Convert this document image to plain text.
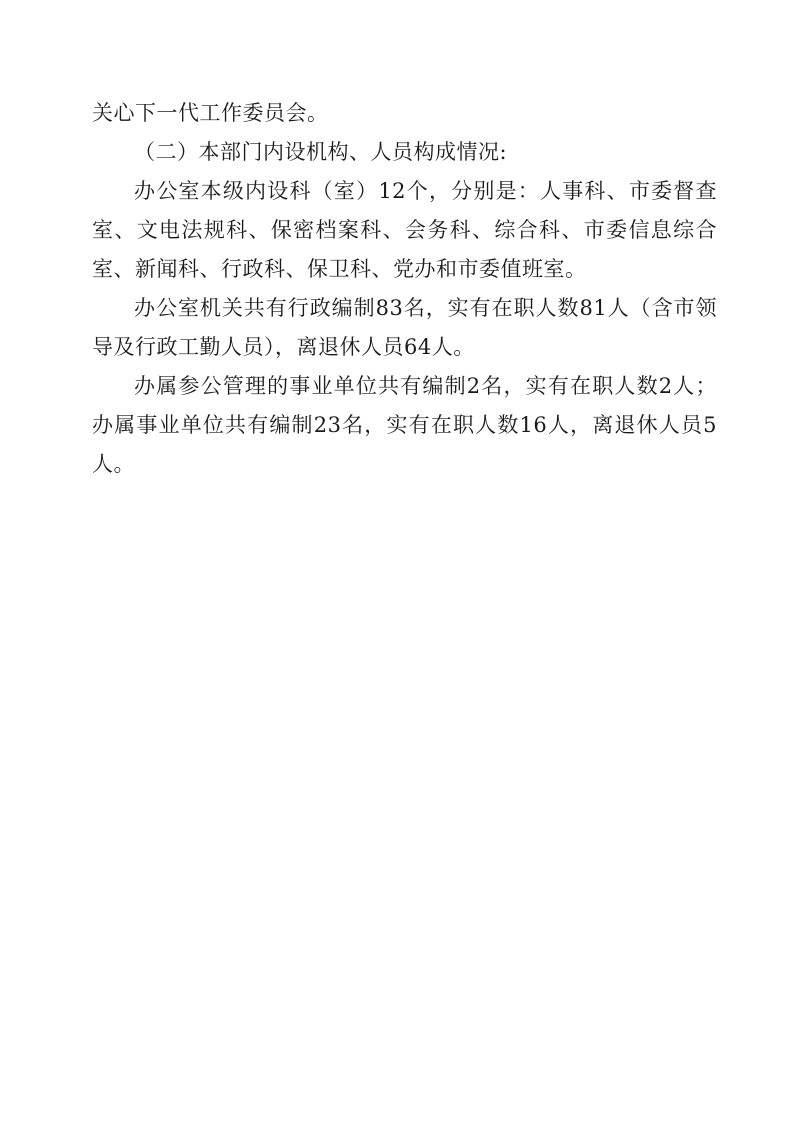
关心下一代工作委员会。

（二）本部门内设机构、人员构成情况:

办公室本级内设科（室）12个，分别是：人事科、市委督查室、文电法规科、保密档案科、会务科、综合科、市委信息综合室、新闻科、行政科、保卫科、党办和市委值班室。

办公室机关共有行政编制83名，实有在职人数81人（含市领导及行政工勤人员），离退休人员64人。

办属参公管理的事业单位共有编制2名，实有在职人数2人；办属事业单位共有编制23名，实有在职人数16人，离退休人员5人。
